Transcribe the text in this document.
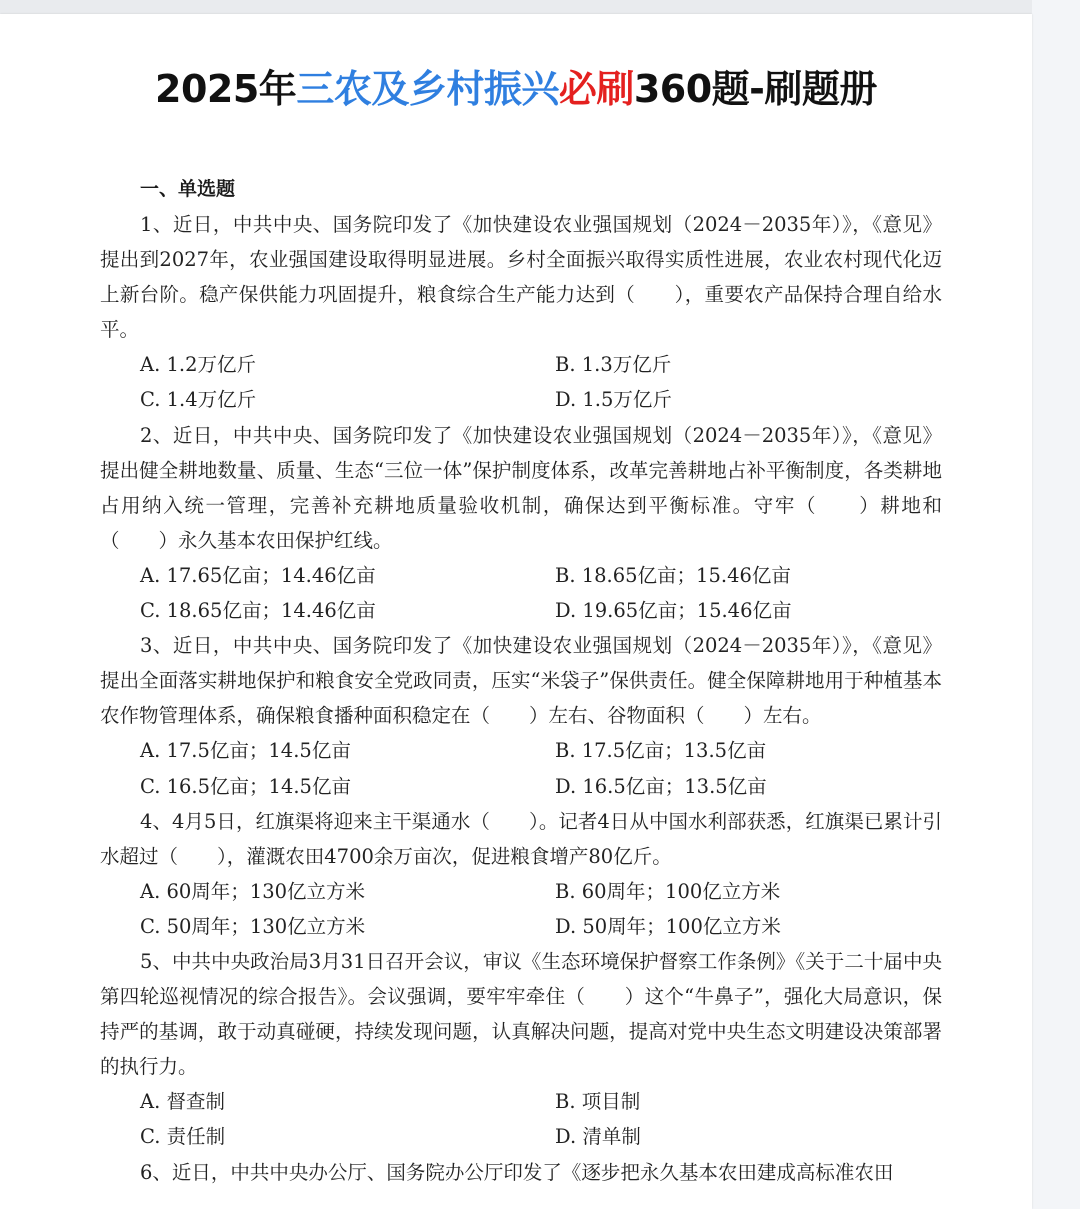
2025年三农及乡村振兴必刷360题-刷题册
一、单选题

1、近日，中共中央、国务院印发了《加快建设农业强国规划（2024－2035年）》，《意见》提出到2027年，农业强国建设取得明显进展。乡村全面振兴取得实质性进展，农业农村现代化迈上新台阶。稳产保供能力巩固提升，粮食综合生产能力达到（　　），重要农产品保持合理自给水平。

A. 1.2万亿斤	B. 1.3万亿斤
C. 1.4万亿斤	D. 1.5万亿斤

2、近日，中共中央、国务院印发了《加快建设农业强国规划（2024－2035年）》，《意见》提出健全耕地数量、质量、生态“三位一体”保护制度体系，改革完善耕地占补平衡制度，各类耕地占用纳入统一管理，完善补充耕地质量验收机制，确保达到平衡标准。守牢（　　）耕地和（　　）永久基本农田保护红线。

A. 17.65亿亩；14.46亿亩	B. 18.65亿亩；15.46亿亩
C. 18.65亿亩；14.46亿亩	D. 19.65亿亩；15.46亿亩

3、近日，中共中央、国务院印发了《加快建设农业强国规划（2024－2035年）》，《意见》提出全面落实耕地保护和粮食安全党政同责，压实“米袋子”保供责任。健全保障耕地用于种植基本农作物管理体系，确保粮食播种面积稳定在（　　）左右、谷物面积（　　）左右。

A. 17.5亿亩；14.5亿亩	B. 17.5亿亩；13.5亿亩
C. 16.5亿亩；14.5亿亩	D. 16.5亿亩；13.5亿亩

4、4月5日，红旗渠将迎来主干渠通水（　　）。记者4日从中国水利部获悉，红旗渠已累计引水超过（　　），灌溉农田4700余万亩次，促进粮食增产80亿斤。

A. 60周年；130亿立方米	B. 60周年；100亿立方米
C. 50周年；130亿立方米	D. 50周年；100亿立方米

5、中共中央政治局3月31日召开会议，审议《生态环境保护督察工作条例》《关于二十届中央第四轮巡视情况的综合报告》。会议强调，要牢牢牵住（　　）这个“牛鼻子”，强化大局意识，保持严的基调，敢于动真碰硬，持续发现问题，认真解决问题，提高对党中央生态文明建设决策部署的执行力。

A. 督查制	B. 项目制
C. 责任制	D. 清单制

6、近日，中共中央办公厅、国务院办公厅印发了《逐步把永久基本农田建成高标准农田
